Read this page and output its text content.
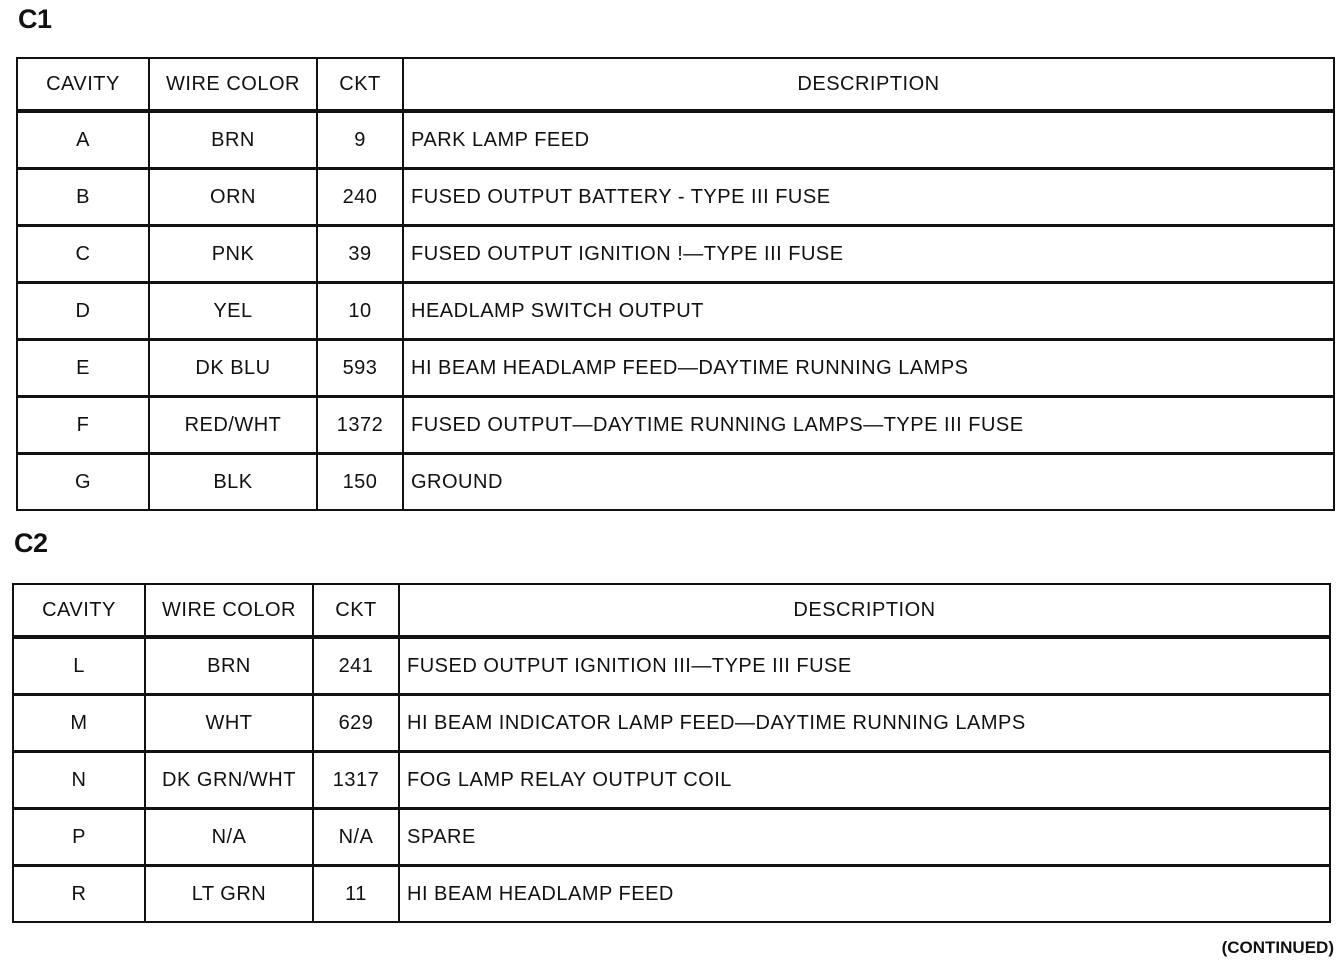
C1
CAVITY	WIRE COLOR	CKT	DESCRIPTION
A	BRN	9	PARK LAMP FEED
B	ORN	240	FUSED OUTPUT BATTERY - TYPE III FUSE
C	PNK	39	FUSED OUTPUT IGNITION !—TYPE III FUSE
D	YEL	10	HEADLAMP SWITCH OUTPUT
E	DK BLU	593	HI BEAM HEADLAMP FEED—DAYTIME RUNNING LAMPS
F	RED/WHT	1372	FUSED OUTPUT—DAYTIME RUNNING LAMPS—TYPE III FUSE
G	BLK	150	GROUND
C2
CAVITY	WIRE COLOR	CKT	DESCRIPTION
L	BRN	241	FUSED OUTPUT IGNITION III—TYPE III FUSE
M	WHT	629	HI BEAM INDICATOR LAMP FEED—DAYTIME RUNNING LAMPS
N	DK GRN/WHT	1317	FOG LAMP RELAY OUTPUT COIL
P	N/A	N/A	SPARE
R	LT GRN	11	HI BEAM HEADLAMP FEED
(CONTINUED)
